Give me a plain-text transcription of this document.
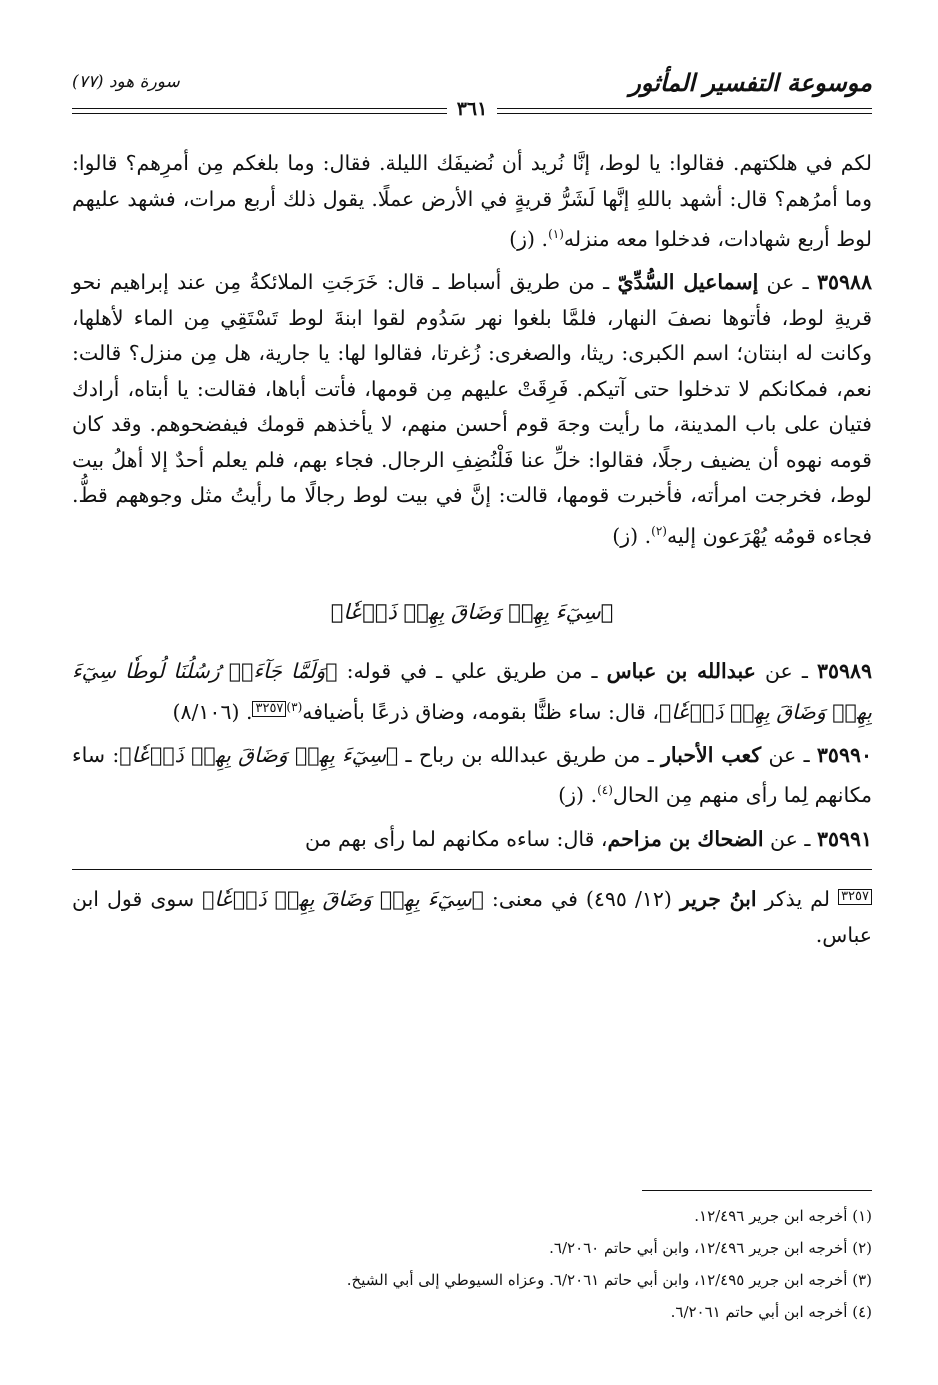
موسوعة التفسير المأثور
سورة هود (٧٧)
٣٦١

لكم في هلكتهم. فقالوا: يا لوط، إنَّا نُريد أن نُضيفَك الليلة. فقال: وما بلغكم مِن أمرِهم؟ قالوا: وما أمرُهم؟ قال: أشهد باللهِ إنَّها لَشَرُّ قريةٍ في الأرض عملًا. يقول ذلك أربع مرات، فشهد عليهم لوط أربع شهادات، فدخلوا معه منزله$^{(١)}$. (ز)

٣٥٩٨٨ ـ عن إسماعيل السُّدِّيّ ـ من طريق أسباط ـ قال: خَرَجَتِ الملائكةُ مِن عند إبراهيم نحو قريةِ لوط، فأتوها نصفَ النهار، فلمَّا بلغوا نهر سَدُوم لقوا ابنةَ لوط تَسْتَقِي مِن الماء لأهلها، وكانت له ابنتان؛ اسم الكبرى: ريثا، والصغرى: زُغرتا، فقالوا لها: يا جارية، هل مِن منزل؟ قالت: نعم، فمكانكم لا تدخلوا حتى آتيكم. فَرِقَتْ عليهم مِن قومها، فأتت أباها، فقالت: يا أبتاه، أرادك فتيان على باب المدينة، ما رأيت وجهَ قوم أحسن منهم، لا يأخذهم قومك فيفضحوهم. وقد كان قومه نهوه أن يضيف رجلًا، فقالوا: خلِّ عنا فَلْنُضِفِ الرجال. فجاء بهم، فلم يعلم أحدٌ إلا أهلُ بيت لوط، فخرجت امرأته، فأخبرت قومها، قالت: إنَّ في بيت لوط رجالًا ما رأيتُ مثل وجوههم قطُّ. فجاءه قومُه يُهْرَعون إليه$^{(٢)}$. (ز)

﴿سِيٓءَ بِهِمۡ وَضَاقَ بِهِمۡ ذَرۡعٗا﴾

٣٥٩٨٩ ـ عن عبدالله بن عباس ـ من طريق علي ـ في قوله: ﴿وَلَمَّا جَآءَتۡ رُسُلُنَا لُوطٗا سِيٓءَ بِهِمۡ وَضَاقَ بِهِمۡ ذَرۡعٗا﴾، قال: ساء ظنًّا بقومه، وضاق ذرعًا بأضيافه$^{(٣)}$٣٢٥٧. (٨/١٠٦)

٣٥٩٩٠ ـ عن كعب الأحبار ـ من طريق عبدالله بن رباح ـ ﴿سِيٓءَ بِهِمۡ وَضَاقَ بِهِمۡ ذَرۡعٗا﴾: ساء مكانهم لِما رأى منهم مِن الحال$^{(٤)}$. (ز)

٣٥٩٩١ ـ عن الضحاك بن مزاحم، قال: ساءه مكانهم لما رأى بهم من

٣٢٥٧ لم يذكر ابنُ جرير (١٢/ ٤٩٥) في معنى: ﴿سِيٓءَ بِهِمۡ وَضَاقَ بِهِمۡ ذَرۡعٗا﴾ سوى قول ابن عباس.

(١) أخرجه ابن جرير ١٢/٤٩٦.
(٢) أخرجه ابن جرير ١٢/٤٩٦، وابن أبي حاتم ٦/٢٠٦٠.
(٣) أخرجه ابن جرير ١٢/٤٩٥، وابن أبي حاتم ٦/٢٠٦١. وعزاه السيوطي إلى أبي الشيخ.
(٤) أخرجه ابن أبي حاتم ٦/٢٠٦١.
